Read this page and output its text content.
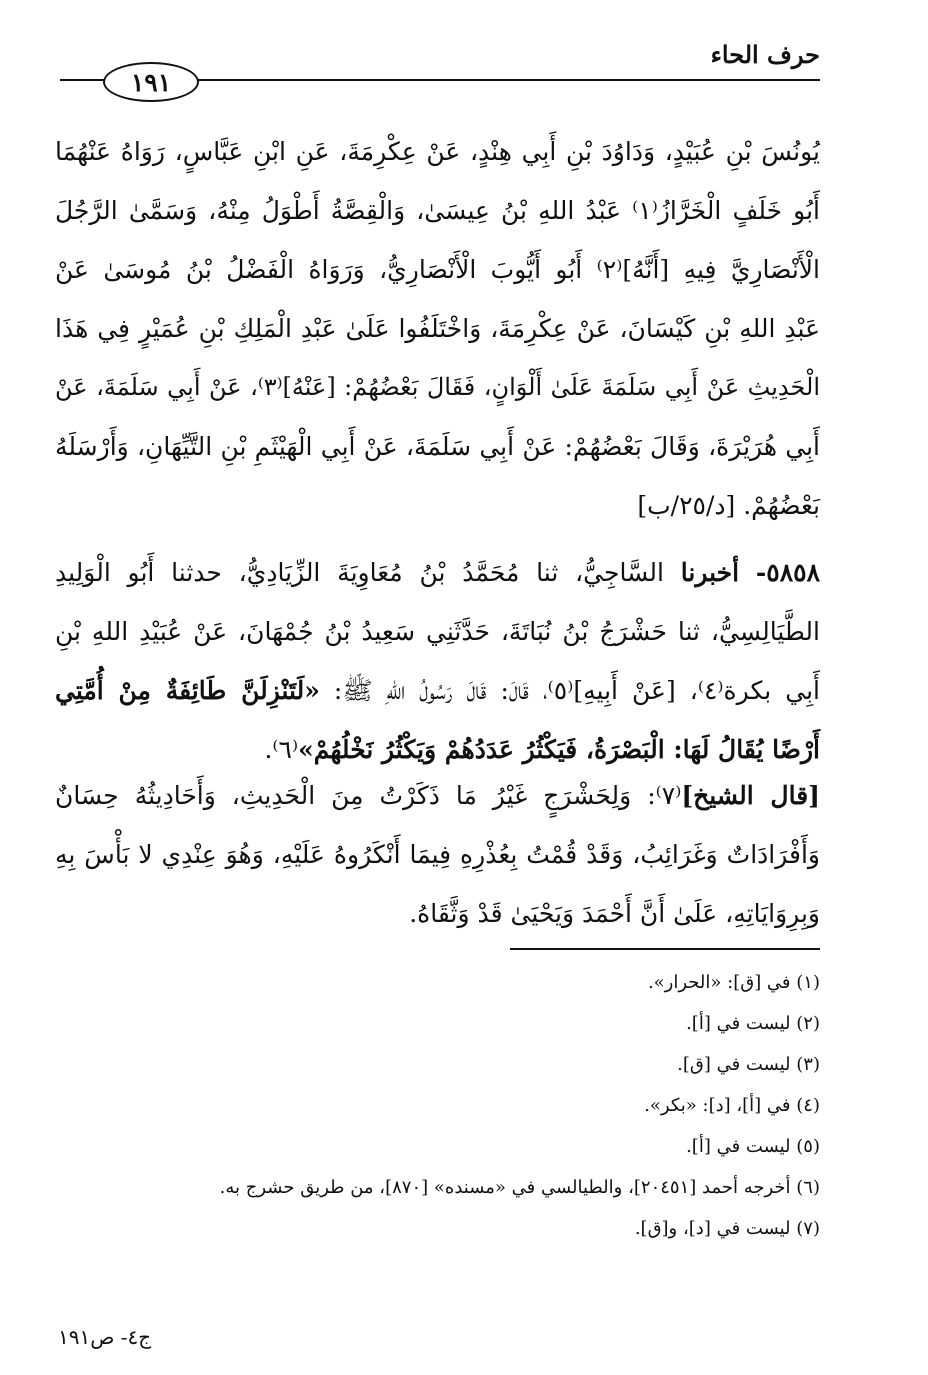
حرف الحاء
١٩١
يُونُسَ بْنِ عُبَيْدٍ، وَدَاوُدَ بْنِ أَبِي هِنْدٍ، عَنْ عِكْرِمَةَ، عَنِ ابْنِ عَبَّاسٍ، رَوَاهُ عَنْهُمَا
أَبُو خَلَفٍ الْخَرَّازُ⁽١⁾ عَبْدُ اللهِ بْنُ عِيسَىٰ، وَالْقِصَّةُ أَطْوَلُ مِنْهُ، وَسَمَّىٰ الرَّجُلَ
الْأَنْصَارِيَّ فِيهِ [أَنَّهُ]⁽٢⁾ أَبُو أَيُّوبَ الْأَنْصَارِيُّ، وَرَوَاهُ الْفَضْلُ بْنُ مُوسَىٰ عَنْ
عَبْدِ اللهِ بْنِ كَيْسَانَ، عَنْ عِكْرِمَةَ، وَاخْتَلَفُوا عَلَىٰ عَبْدِ الْمَلِكِ بْنِ عُمَيْرٍ فِي هَذَا
الْحَدِيثِ عَنْ أَبِي سَلَمَةَ عَلَىٰ أَلْوَانٍ، فَقَالَ بَعْضُهُمْ: [عَنْهُ]⁽٣⁾، عَنْ أَبِي سَلَمَةَ، عَنْ
أَبِي هُرَيْرَةَ، وَقَالَ بَعْضُهُمْ: عَنْ أَبِي سَلَمَةَ، عَنْ أَبِي الْهَيْثَمِ بْنِ التَّيِّهَانِ، وَأَرْسَلَهُ
بَعْضُهُمْ. [د/٢٥/ب]
٥٨٥٨- أخبرنا السَّاجِيُّ، ثنا مُحَمَّدُ بْنُ مُعَاوِيَةَ الزِّيَادِيُّ، حدثنا أَبُو الْوَلِيدِ
الطَّيَالِسِيُّ، ثنا حَشْرَجُ بْنُ نُبَاتَةَ، حَدَّثَنِي سَعِيدُ بْنُ جُمْهَانَ، عَنْ عُبَيْدِ اللهِ بْنِ
أَبِي بكرة⁽٤⁾، [عَنْ أَبِيهِ]⁽٥⁾، قَالَ: قَالَ رَسُولُ اللهِ ﷺ: «لَتَنْزِلَنَّ طَائِفَةٌ مِنْ أُمَّتِي
أَرْضًا يُقَالُ لَهَا: الْبَصْرَةُ، فَيَكْثُرُ عَدَدُهُمْ وَيَكْثُرُ نَخْلُهُمْ»⁽٦⁾.
[قال الشيخ]⁽٧⁾: وَلِحَشْرَجٍ غَيْرُ مَا ذَكَرْتُ مِنَ الْحَدِيثِ، وَأَحَادِيثُهُ حِسَانٌ
وَأَفْرَادَاتٌ وَغَرَائِبُ، وَقَدْ قُمْتُ بِعُذْرِهِ فِيمَا أَنْكَرُوهُ عَلَيْهِ، وَهُوَ عِنْدِي لا بَأْسَ بِهِ
وَبِرِوَايَاتِهِ، عَلَىٰ أَنَّ أَحْمَدَ وَيَحْيَىٰ قَدْ وَثَّقَاهُ.
(١) في [ق]: «الحرار».
(٢) ليست في [أ].
(٣) ليست في [ق].
(٤) في [أ]، [د]: «بكر».
(٥) ليست في [أ].
(٦) أخرجه أحمد [٢٠٤٥١]، والطيالسي في «مسنده» [٨٧٠]، من طريق حشرج به.
(٧) ليست في [د]، و[ق].
ج٤- ص١٩١
